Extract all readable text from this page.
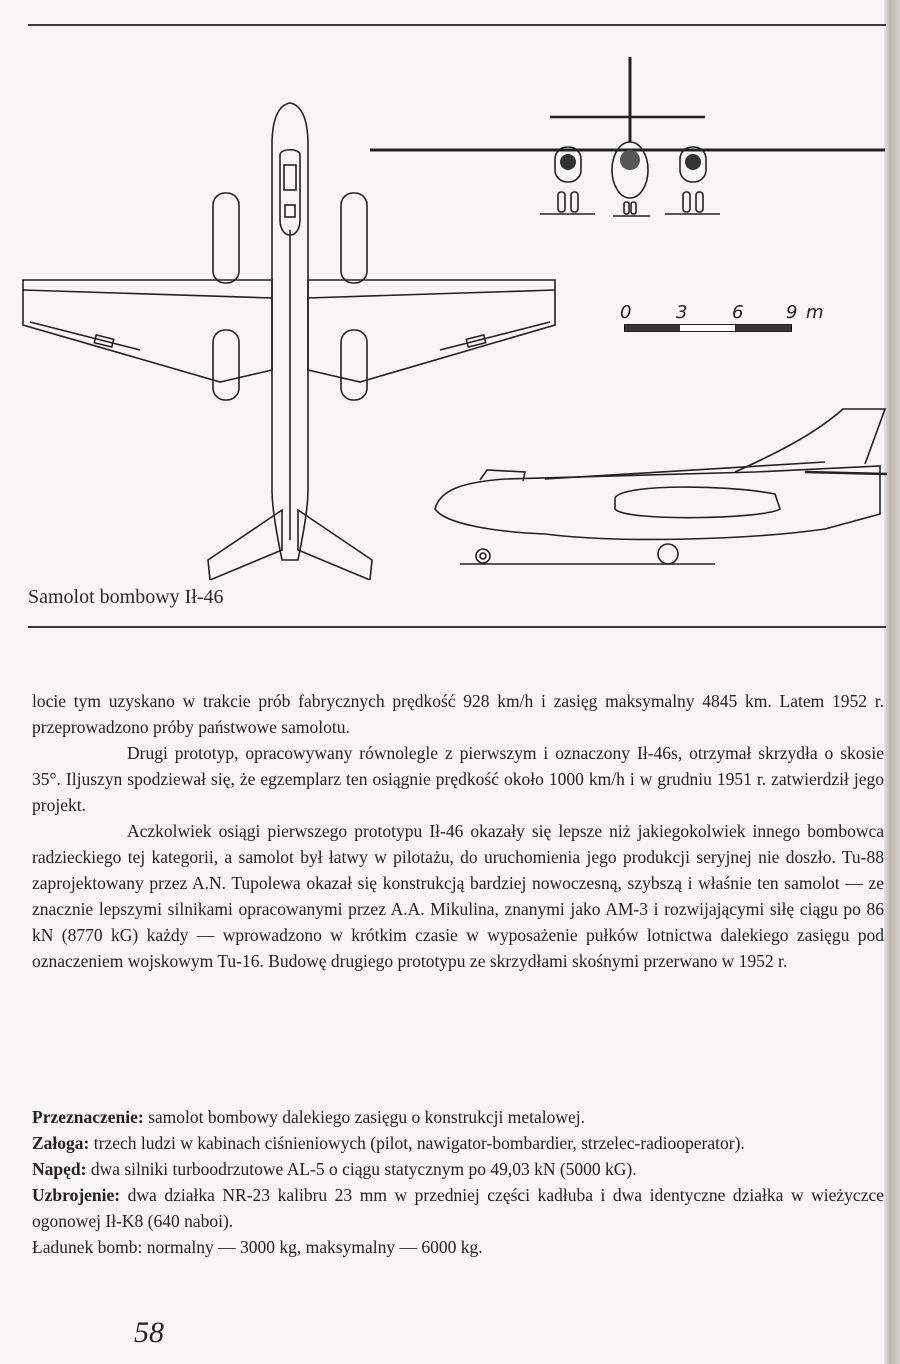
0 3 6 9 m
Samolot bombowy Ił-46

locie tym uzyskano w trakcie prób fabrycznych prędkość 928 km/h i zasięg maksymalny 4845 km. Latem 1952 r. przeprowadzono próby państwowe samolotu.

Drugi prototyp, opracowywany równolegle z pierwszym i oznaczony Ił-46s, otrzymał skrzydła o skosie 35°. Iljuszyn spodziewał się, że egzemplarz ten osiągnie prędkość około 1000 km/h i w grudniu 1951 r. zatwierdził jego projekt.

Aczkolwiek osiągi pierwszego prototypu Ił-46 okazały się lepsze niż jakiegokolwiek innego bombowca radzieckiego tej kategorii, a samolot był łatwy w pilotażu, do uruchomienia jego produkcji seryjnej nie doszło. Tu-88 zaprojektowany przez A.N. Tupolewa okazał się konstrukcją bardziej nowoczesną, szybszą i właśnie ten samolot — ze znacznie lepszymi silnikami opracowanymi przez A.A. Mikulina, znanymi jako AM-3 i rozwijającymi siłę ciągu po 86 kN (8770 kG) każdy — wprowadzono w krótkim czasie w wyposażenie pułków lotnictwa dalekiego zasięgu pod oznaczeniem wojskowym Tu-16. Budowę drugiego prototypu ze skrzydłami skośnymi przerwano w 1952 r.

Przeznaczenie: samolot bombowy dalekiego zasięgu o konstrukcji metalowej.

Załoga: trzech ludzi w kabinach ciśnieniowych (pilot, nawigator-bombardier, strzelec-radiooperator).

Napęd: dwa silniki turboodrzutowe AL-5 o ciągu statycznym po 49,03 kN (5000 kG).

Uzbrojenie: dwa działka NR-23 kalibru 23 mm w przedniej części kadłuba i dwa identyczne działka w wieżyczce ogonowej Ił-K8 (640 naboi).

Ładunek bomb: normalny — 3000 kg, maksymalny — 6000 kg.

58
